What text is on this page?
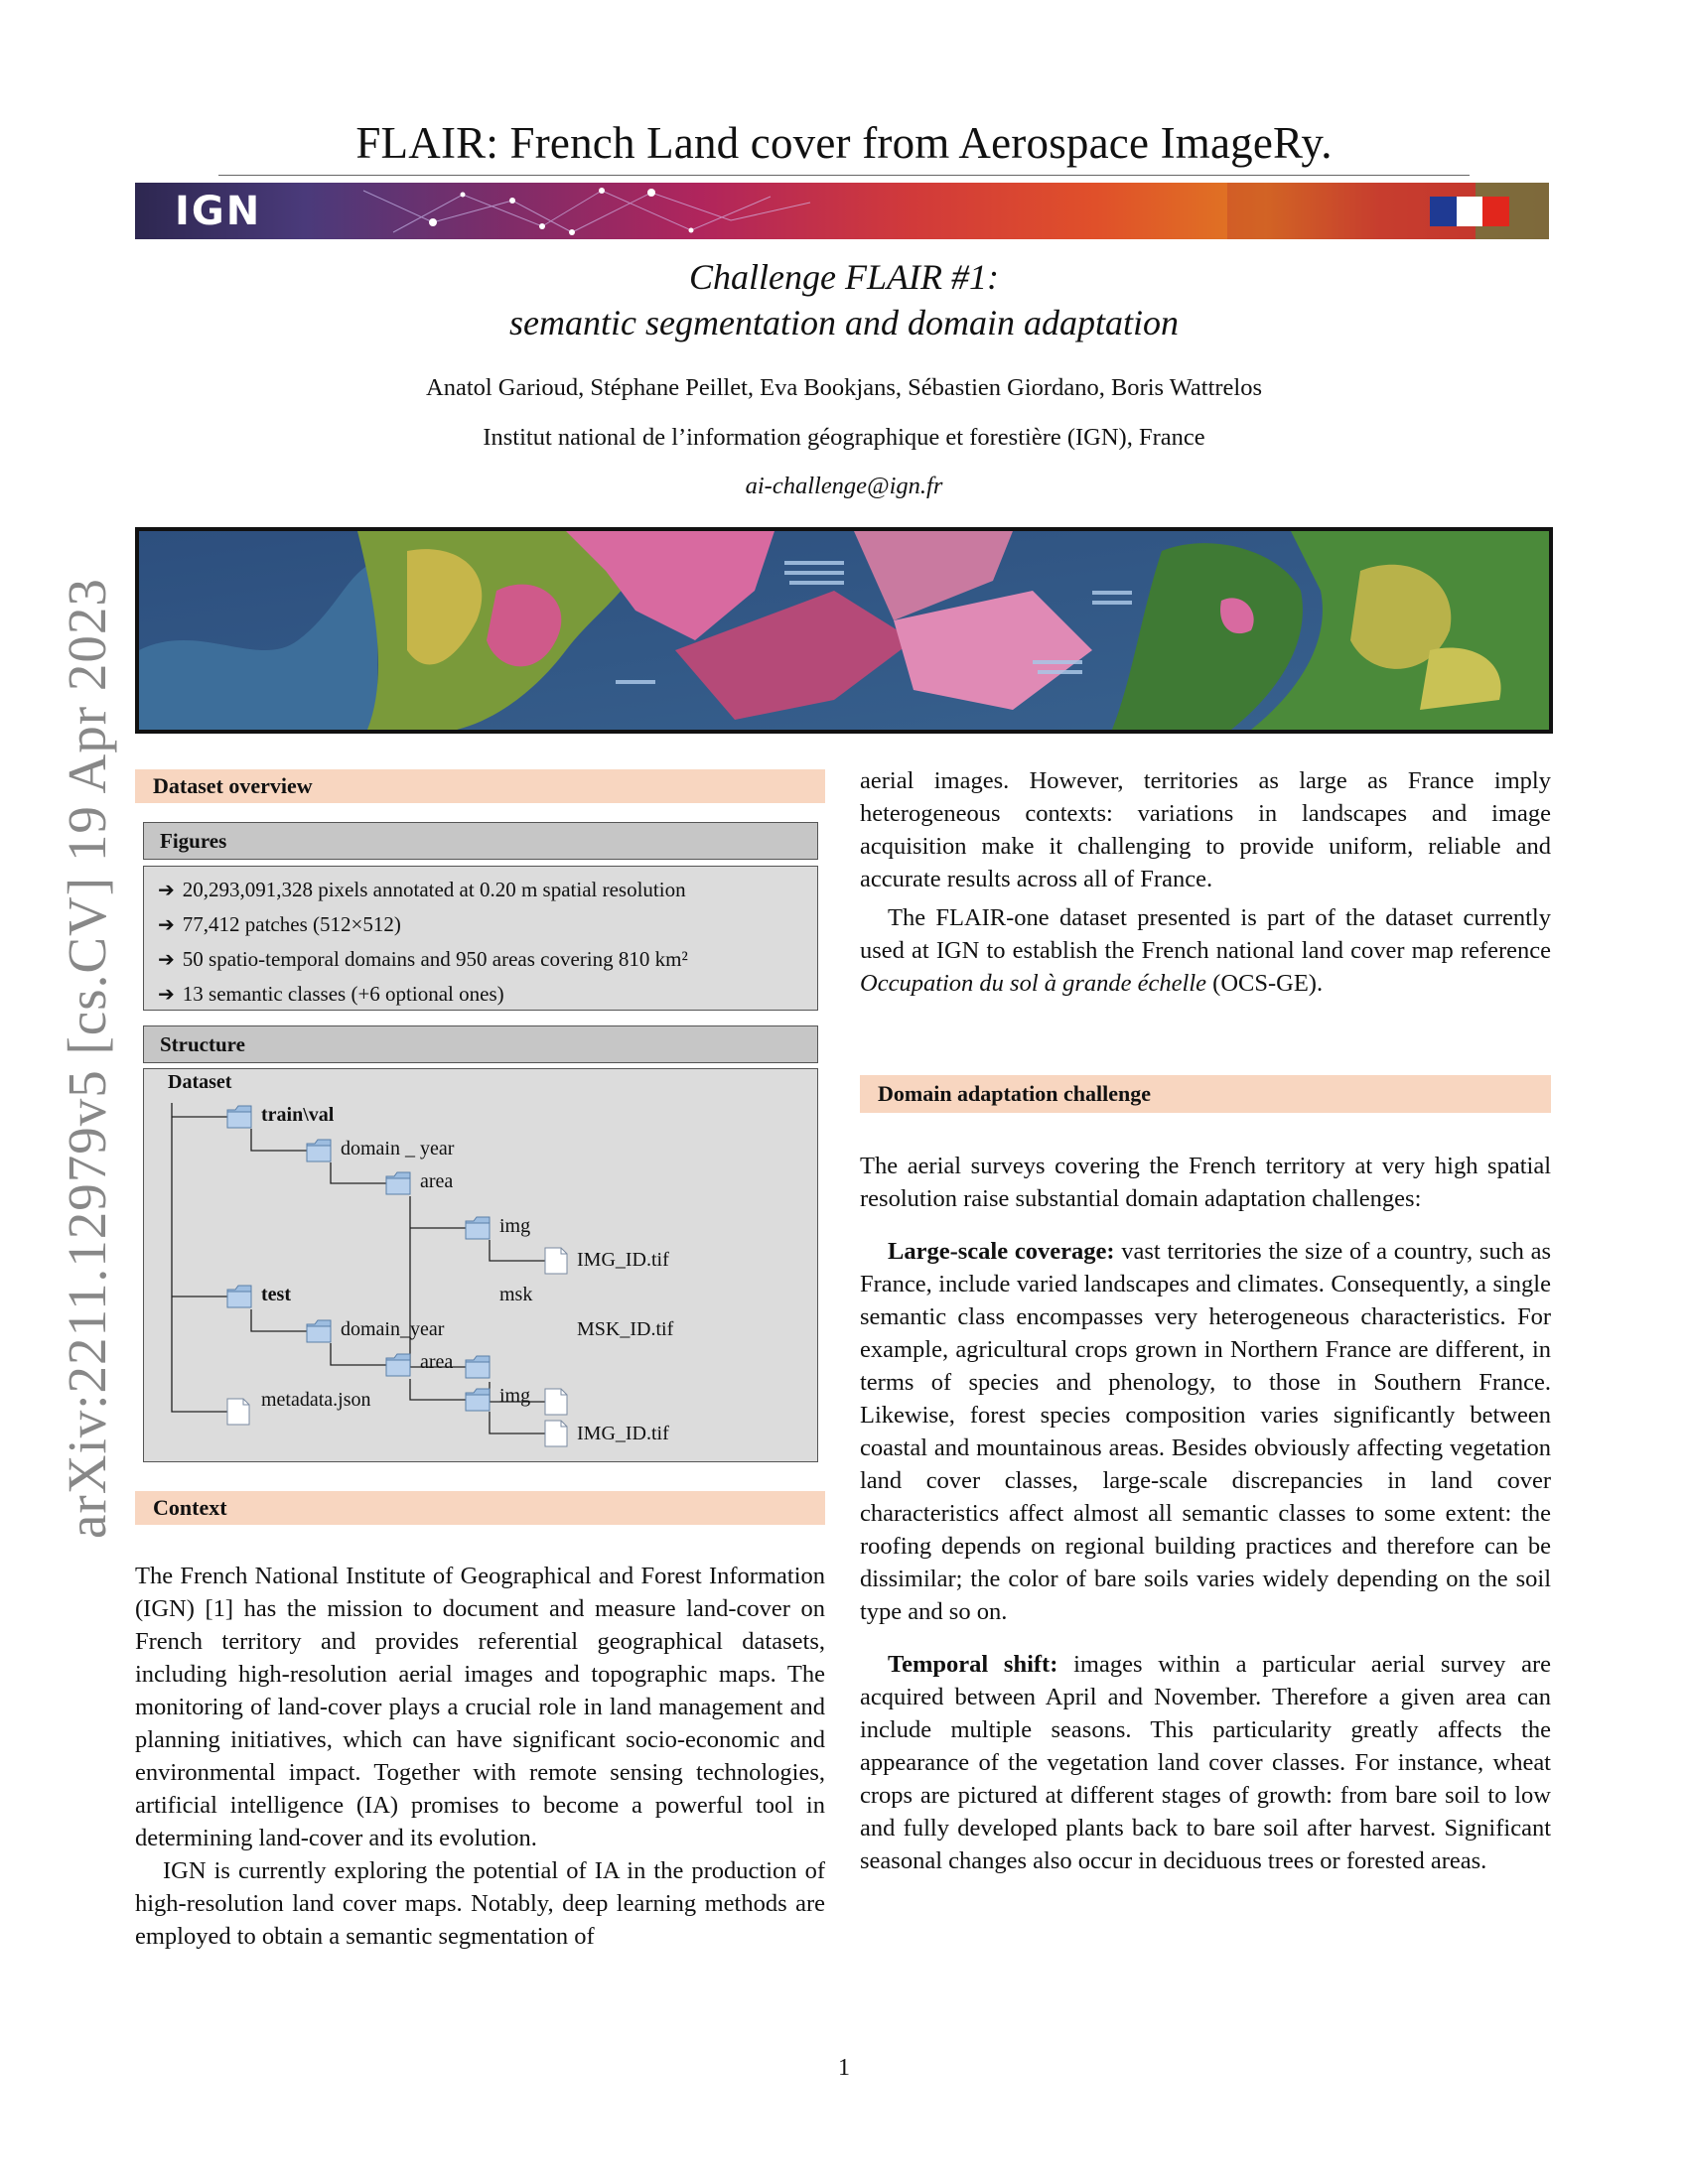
FLAIR: French Land cover from Aerospace ImageRy.
IGN
Challenge FLAIR #1:
semantic segmentation and domain adaptation
Anatol Garioud, Stéphane Peillet, Eva Bookjans, Sébastien Giordano, Boris Wattrelos
Institut national de l’information géographique et forestière (IGN), France
ai-challenge@ign.fr
arXiv:2211.12979v5 [cs.CV] 19 Apr 2023	Dataset overview
Figures
➔ 20,293,091,328 pixels annotated at 0.20 m spatial resolution
➔ 77,412 patches (512×512)
➔ 50 spatio-temporal domains and 950 areas covering 810 km²
➔ 13 semantic classes (+6 optional ones)
Structure
Dataset
train\val
domain _ year
area
img
IMG_ID.tif
msk
test
MSK_ID.tif
domain_year
area
img
metadata.json
IMG_ID.tif
Context

The French National Institute of Geographical and Forest Information (IGN) [1] has the mission to document and measure land-cover on French territory and provides referential geographical datasets, including high-resolution aerial images and topographic maps. The monitoring of land-cover plays a crucial role in land management and planning initiatives, which can have significant socio-economic and environmental impact. Together with remote sensing technologies, artificial intelligence (IA) promises to become a powerful tool in determining land-cover and its evolution.

IGN is currently exploring the potential of IA in the production of high-resolution land cover maps. Notably, deep learning methods are employed to obtain a semantic segmentation of

aerial images. However, territories as large as France imply heterogeneous contexts: variations in landscapes and image acquisition make it challenging to provide uniform, reliable and accurate results across all of France.

The FLAIR-one dataset presented is part of the dataset currently used at IGN to establish the French national land cover map reference Occupation du sol à grande échelle (OCS-GE).

Domain adaptation challenge

The aerial surveys covering the French territory at very high spatial resolution raise substantial domain adaptation challenges:

Large-scale coverage: vast territories the size of a country, such as France, include varied landscapes and climates. Consequently, a single semantic class encompasses very heterogeneous characteristics. For example, agricultural crops grown in Northern France are different, in terms of species and phenology, to those in Southern France. Likewise, forest species composition varies significantly between coastal and mountainous areas. Besides obviously affecting vegetation land cover classes, large-scale discrepancies in land cover characteristics affect almost all semantic classes to some extent: the roofing depends on regional building practices and therefore can be dissimilar; the color of bare soils varies widely depending on the soil type and so on.

Temporal shift: images within a particular aerial survey are acquired between April and November. Therefore a given area can include multiple seasons. This particularity greatly affects the appearance of the vegetation land cover classes. For instance, wheat crops are pictured at different stages of growth: from bare soil to low and fully developed plants back to bare soil after harvest. Significant seasonal changes also occur in deciduous trees or forested areas.

1
